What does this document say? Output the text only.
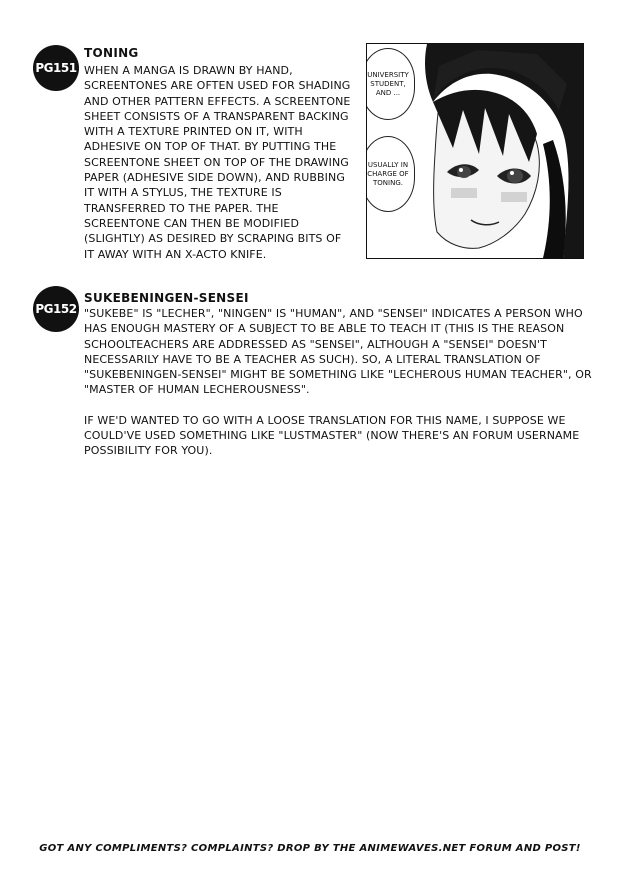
PG151
TONING

WHEN A MANGA IS DRAWN BY HAND, SCREENTONES ARE OFTEN USED FOR SHADING AND OTHER PATTERN EFFECTS. A SCREENTONE SHEET CONSISTS OF A TRANSPARENT BACKING WITH A TEXTURE PRINTED ON IT, WITH ADHESIVE ON TOP OF THAT. BY PUTTING THE SCREENTONE SHEET ON TOP OF THE DRAWING PAPER (ADHESIVE SIDE DOWN), AND RUBBING IT WITH A STYLUS, THE TEXTURE IS TRANSFERRED TO THE PAPER. THE SCREENTONE CAN THEN BE MODIFIED (SLIGHTLY) AS DESIRED BY SCRAPING BITS OF IT AWAY WITH AN X-ACTO KNIFE.

UNIVERSITY STUDENT, AND ...
USUALLY IN CHARGE OF TONING.
PG152
SUKEBENINGEN-SENSEI

"SUKEBE" IS "LECHER", "NINGEN" IS "HUMAN", AND "SENSEI" INDICATES A PERSON WHO HAS ENOUGH MASTERY OF A SUBJECT TO BE ABLE TO TEACH IT (THIS IS THE REASON SCHOOLTEACHERS ARE ADDRESSED AS "SENSEI", ALTHOUGH A "SENSEI" DOESN'T NECESSARILY HAVE TO BE A TEACHER AS SUCH). SO, A LITERAL TRANSLATION OF "SUKEBENINGEN-SENSEI" MIGHT BE SOMETHING LIKE "LECHEROUS HUMAN TEACHER", OR "MASTER OF HUMAN LECHEROUSNESS".

IF WE'D WANTED TO GO WITH A LOOSE TRANSLATION FOR THIS NAME, I SUPPOSE WE COULD'VE USED SOMETHING LIKE "LUSTMASTER" (NOW THERE'S AN FORUM USERNAME POSSIBILITY FOR YOU).

GOT ANY COMPLIMENTS? COMPLAINTS? DROP BY THE ANIMEWAVES.NET FORUM AND POST!
